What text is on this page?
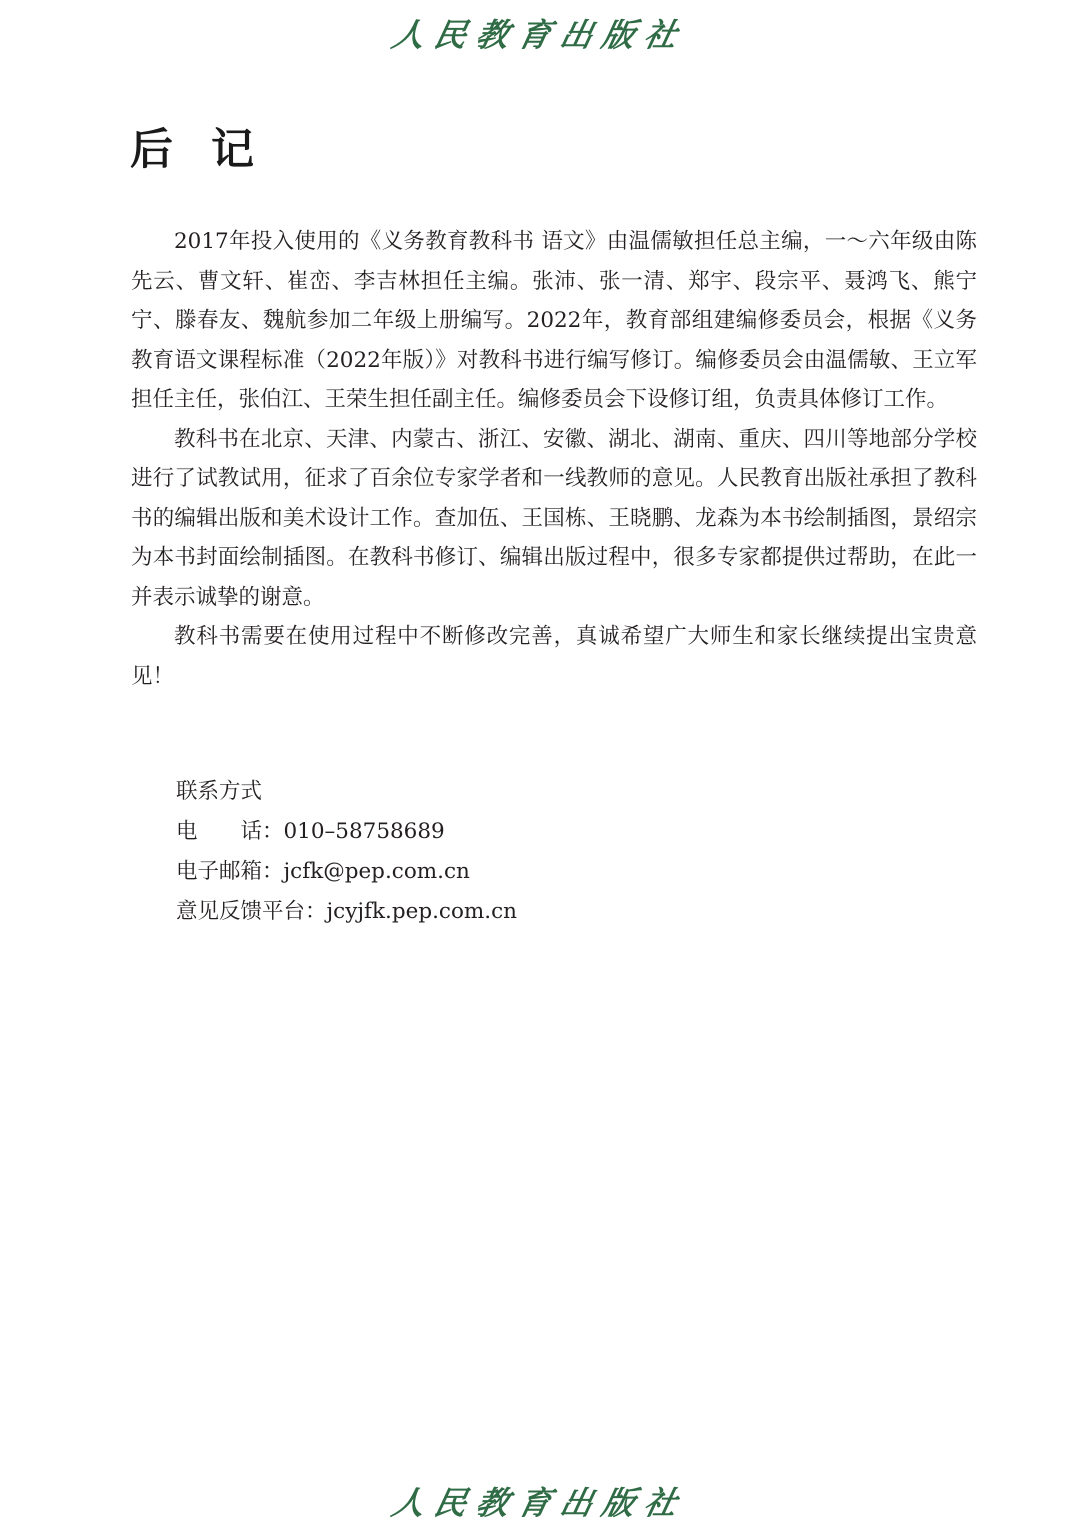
人民教育出版社
后记

2017年投入使用的《义务教育教科书 语文》由温儒敏担任总主编，一～六年级由陈先云、曹文轩、崔峦、李吉林担任主编。张沛、张一清、郑宇、段宗平、聂鸿飞、熊宁宁、滕春友、魏航参加二年级上册编写。2022年，教育部组建编修委员会，根据《义务教育语文课程标准（2022年版）》对教科书进行编写修订。编修委员会由温儒敏、王立军担任主任，张伯江、王荣生担任副主任。编修委员会下设修订组，负责具体修订工作。

教科书在北京、天津、内蒙古、浙江、安徽、湖北、湖南、重庆、四川等地部分学校进行了试教试用，征求了百余位专家学者和一线教师的意见。人民教育出版社承担了教科书的编辑出版和美术设计工作。查加伍、王国栋、王晓鹏、龙森为本书绘制插图，景绍宗为本书封面绘制插图。在教科书修订、编辑出版过程中，很多专家都提供过帮助，在此一并表示诚挚的谢意。

教科书需要在使用过程中不断修改完善，真诚希望广大师生和家长继续提出宝贵意见！

联系方式
电　　话：010–58758689
电子邮箱：jcfk@pep.com.cn
意见反馈平台：jcyjfk.pep.com.cn
人民教育出版社
